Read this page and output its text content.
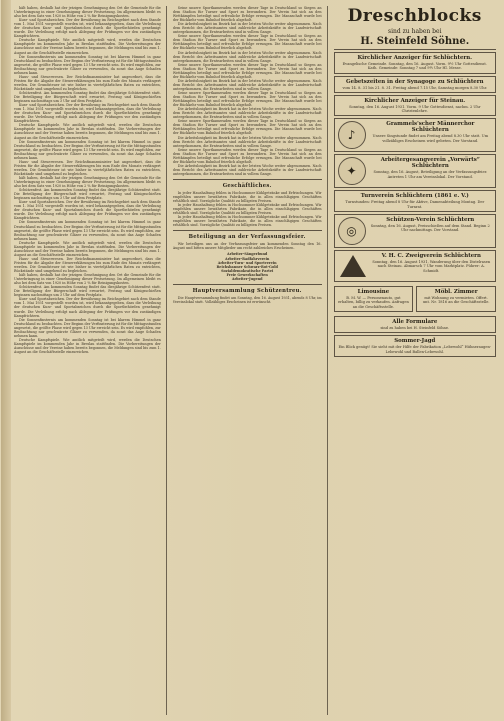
hält haben, deshalb hat der jetzigen Genehmigung den Ort die Gemeinde für die Unterbringung in einer Genehmigung dieser Festsetzung. Im allgemeinen bleibt es also bei dem Satz von 1920 in Höhe von 2 % für Reinigungskosten.

Kurz- und Sportabzeichen. Der der Bewährung im Reichsgebiet nach dem Stande vom 1. Mai 1931 vorgestellt worden ist, wird bekanntgegeben, dass die Verleihung der deutschen Kurz- und Sportabzeichen durch die Sportbehörden genehmigt wurde. Die Verleihung erfolgt nach Ablegung der Prüfungen vor den zuständigen Kampfrichtern.

Deutsche Kampfspiele. Wie amtlich mitgeteilt wird, werden die Deutschen Kampfspiele im kommenden Jahr in Breslau stattfinden. Die Vorbereitungen der Ausschüsse und der Vereine haben bereits begonnen, die Meldungen sind bis zum 1. August an die Geschäftsstelle einzureichen.

Die Sonnenfinsternis am kommenden Sonntag ist bei klarem Himmel in ganz Deutschland zu beobachten. Der Beginn der Verfinsterung ist für die Mittagsstunden angesetzt, die größte Phase wird gegen 13 Uhr erreicht sein. Es wird empfohlen, zur Beobachtung nur geschwärzte Gläser zu verwenden, da sonst das Auge Schaden nehmen kann.

Haus- und Steuerwesen. Der Reichsfinanzminister hat angeordnet, dass die Fristen für die Abgabe der Steuererklärungen bis zum Ende des Monats verlängert werden. Die Grundsteuer ist wie bisher in vierteljährlichen Raten zu entrichten, Rückstände sind umgehend zu begleichen.

Schützenfest. Am kommenden Sonntag findet das diesjährige Schützenfest statt. Die Beteiligung der Bürgerschaft wird erwartet, Festzug und Königsschießen beginnen nachmittags um 3 Uhr auf dem Festplatz.

Kurz- und Sportabzeichen. Der der Bewährung im Reichsgebiet nach dem Stande vom 1. Mai 1931 vorgestellt worden ist, wird bekanntgegeben, dass die Verleihung der deutschen Kurz- und Sportabzeichen durch die Sportbehörden genehmigt wurde. Die Verleihung erfolgt nach Ablegung der Prüfungen vor den zuständigen Kampfrichtern.

Deutsche Kampfspiele. Wie amtlich mitgeteilt wird, werden die Deutschen Kampfspiele im kommenden Jahr in Breslau stattfinden. Die Vorbereitungen der Ausschüsse und der Vereine haben bereits begonnen, die Meldungen sind bis zum 1. August an die Geschäftsstelle einzureichen.

Die Sonnenfinsternis am kommenden Sonntag ist bei klarem Himmel in ganz Deutschland zu beobachten. Der Beginn der Verfinsterung ist für die Mittagsstunden angesetzt, die größte Phase wird gegen 13 Uhr erreicht sein. Es wird empfohlen, zur Beobachtung nur geschwärzte Gläser zu verwenden, da sonst das Auge Schaden nehmen kann.

Haus- und Steuerwesen. Der Reichsfinanzminister hat angeordnet, dass die Fristen für die Abgabe der Steuererklärungen bis zum Ende des Monats verlängert werden. Die Grundsteuer ist wie bisher in vierteljährlichen Raten zu entrichten, Rückstände sind umgehend zu begleichen.

hält haben, deshalb hat der jetzigen Genehmigung den Ort die Gemeinde für die Unterbringung in einer Genehmigung dieser Festsetzung. Im allgemeinen bleibt es also bei dem Satz von 1920 in Höhe von 2 % für Reinigungskosten.

Schützenfest. Am kommenden Sonntag findet das diesjährige Schützenfest statt. Die Beteiligung der Bürgerschaft wird erwartet, Festzug und Königsschießen beginnen nachmittags um 3 Uhr auf dem Festplatz.

Kurz- und Sportabzeichen. Der der Bewährung im Reichsgebiet nach dem Stande vom 1. Mai 1931 vorgestellt worden ist, wird bekanntgegeben, dass die Verleihung der deutschen Kurz- und Sportabzeichen durch die Sportbehörden genehmigt wurde. Die Verleihung erfolgt nach Ablegung der Prüfungen vor den zuständigen Kampfrichtern.

Die Sonnenfinsternis am kommenden Sonntag ist bei klarem Himmel in ganz Deutschland zu beobachten. Der Beginn der Verfinsterung ist für die Mittagsstunden angesetzt, die größte Phase wird gegen 13 Uhr erreicht sein. Es wird empfohlen, zur Beobachtung nur geschwärzte Gläser zu verwenden, da sonst das Auge Schaden nehmen kann.

Deutsche Kampfspiele. Wie amtlich mitgeteilt wird, werden die Deutschen Kampfspiele im kommenden Jahr in Breslau stattfinden. Die Vorbereitungen der Ausschüsse und der Vereine haben bereits begonnen, die Meldungen sind bis zum 1. August an die Geschäftsstelle einzureichen.

Haus- und Steuerwesen. Der Reichsfinanzminister hat angeordnet, dass die Fristen für die Abgabe der Steuererklärungen bis zum Ende des Monats verlängert werden. Die Grundsteuer ist wie bisher in vierteljährlichen Raten zu entrichten, Rückstände sind umgehend zu begleichen.

hält haben, deshalb hat der jetzigen Genehmigung den Ort die Gemeinde für die Unterbringung in einer Genehmigung dieser Festsetzung. Im allgemeinen bleibt es also bei dem Satz von 1920 in Höhe von 2 % für Reinigungskosten.

Schützenfest. Am kommenden Sonntag findet das diesjährige Schützenfest statt. Die Beteiligung der Bürgerschaft wird erwartet, Festzug und Königsschießen beginnen nachmittags um 3 Uhr auf dem Festplatz.

Kurz- und Sportabzeichen. Der der Bewährung im Reichsgebiet nach dem Stande vom 1. Mai 1931 vorgestellt worden ist, wird bekanntgegeben, dass die Verleihung der deutschen Kurz- und Sportabzeichen durch die Sportbehörden genehmigt wurde. Die Verleihung erfolgt nach Ablegung der Prüfungen vor den zuständigen Kampfrichtern.

Die Sonnenfinsternis am kommenden Sonntag ist bei klarem Himmel in ganz Deutschland zu beobachten. Der Beginn der Verfinsterung ist für die Mittagsstunden angesetzt, die größte Phase wird gegen 13 Uhr erreicht sein. Es wird empfohlen, zur Beobachtung nur geschwärzte Gläser zu verwenden, da sonst das Auge Schaden nehmen kann.

Deutsche Kampfspiele. Wie amtlich mitgeteilt wird, werden die Deutschen Kampfspiele im kommenden Jahr in Breslau stattfinden. Die Vorbereitungen der Ausschüsse und der Vereine haben bereits begonnen, die Meldungen sind bis zum 1. August an die Geschäftsstelle einzureichen.

Seine unsere Sportkameraden werden dieser Tage in Deutschland so Siegen an dem Stadion für Turner und Sport zu bewundern. Der Verein hat sich an den Wettkämpfen beteiligt und erfreuliche Erfolge errungen. Die Mannschaft wurde bei der Rückkehr vom Bahnhof feierlich abgeholt.

Die Arbeitslosigkeit im Bezirk hat in der letzten Woche weiter abgenommen. Nach dem Bericht des Arbeitsamtes sind zahlreiche Arbeitskräfte in der Landwirtschaft untergekommen, die Erntearbeiten sind in vollem Gange.

Seine unsere Sportkameraden werden dieser Tage in Deutschland so Siegen an dem Stadion für Turner und Sport zu bewundern. Der Verein hat sich an den Wettkämpfen beteiligt und erfreuliche Erfolge errungen. Die Mannschaft wurde bei der Rückkehr vom Bahnhof feierlich abgeholt.

Die Arbeitslosigkeit im Bezirk hat in der letzten Woche weiter abgenommen. Nach dem Bericht des Arbeitsamtes sind zahlreiche Arbeitskräfte in der Landwirtschaft untergekommen, die Erntearbeiten sind in vollem Gange.

Seine unsere Sportkameraden werden dieser Tage in Deutschland so Siegen an dem Stadion für Turner und Sport zu bewundern. Der Verein hat sich an den Wettkämpfen beteiligt und erfreuliche Erfolge errungen. Die Mannschaft wurde bei der Rückkehr vom Bahnhof feierlich abgeholt.

Die Arbeitslosigkeit im Bezirk hat in der letzten Woche weiter abgenommen. Nach dem Bericht des Arbeitsamtes sind zahlreiche Arbeitskräfte in der Landwirtschaft untergekommen, die Erntearbeiten sind in vollem Gange.

Seine unsere Sportkameraden werden dieser Tage in Deutschland so Siegen an dem Stadion für Turner und Sport zu bewundern. Der Verein hat sich an den Wettkämpfen beteiligt und erfreuliche Erfolge errungen. Die Mannschaft wurde bei der Rückkehr vom Bahnhof feierlich abgeholt.

Die Arbeitslosigkeit im Bezirk hat in der letzten Woche weiter abgenommen. Nach dem Bericht des Arbeitsamtes sind zahlreiche Arbeitskräfte in der Landwirtschaft untergekommen, die Erntearbeiten sind in vollem Gange.

Seine unsere Sportkameraden werden dieser Tage in Deutschland so Siegen an dem Stadion für Turner und Sport zu bewundern. Der Verein hat sich an den Wettkämpfen beteiligt und erfreuliche Erfolge errungen. Die Mannschaft wurde bei der Rückkehr vom Bahnhof feierlich abgeholt.

Die Arbeitslosigkeit im Bezirk hat in der letzten Woche weiter abgenommen. Nach dem Bericht des Arbeitsamtes sind zahlreiche Arbeitskräfte in der Landwirtschaft untergekommen, die Erntearbeiten sind in vollem Gange.

Seine unsere Sportkameraden werden dieser Tage in Deutschland so Siegen an dem Stadion für Turner und Sport zu bewundern. Der Verein hat sich an den Wettkämpfen beteiligt und erfreuliche Erfolge errungen. Die Mannschaft wurde bei der Rückkehr vom Bahnhof feierlich abgeholt.

Die Arbeitslosigkeit im Bezirk hat in der letzten Woche weiter abgenommen. Nach dem Bericht des Arbeitsamtes sind zahlreiche Arbeitskräfte in der Landwirtschaft untergekommen, die Erntearbeiten sind in vollem Gange.

Geschäftliches.

In jeder Haushaltung fehlen in Hochsommer Kühlgetränke und Erfrischungen. Wir empfehlen unsere bewährten Fabrikate, die in allen einschlägigen Geschäften erhältlich sind. Vorzügliche Qualität zu billigsten Preisen.

In jeder Haushaltung fehlen in Hochsommer Kühlgetränke und Erfrischungen. Wir empfehlen unsere bewährten Fabrikate, die in allen einschlägigen Geschäften erhältlich sind. Vorzügliche Qualität zu billigsten Preisen.

In jeder Haushaltung fehlen in Hochsommer Kühlgetränke und Erfrischungen. Wir empfehlen unsere bewährten Fabrikate, die in allen einschlägigen Geschäften erhältlich sind. Vorzügliche Qualität zu billigsten Preisen.

Beteiligung an der Verfassungsfeier.

Wir beteiligen uns an der Verfassungsfeier am kommenden Sonntag den 16. August und bitten unsere Mitglieder um recht zahlreiches Erscheinen.

Arbeiter-Sängerbund
Arbeiter-Radfahrverein
Arbeiter-Turn- und Sportverein
Reichsbanner Schwarz-Rot-Gold
Sozialdemokratische Partei
Freie Gewerkschaften
Arbeiter-Jugend
Hauptversammlung Schützentreu.

Die Hauptversammlung findet am Sonntag, den 16. August 1931, abends 8 Uhr, im Vereinslokal statt. Vollzähliges Erscheinen ist erwünscht.

Dreschblocks
sind zu haben bei
H. Steinfeld Söhne.
Kirchlicher Anzeiger für Schlüchtern.
Evangelische Gemeinde. Sonntag, den 16. August. Vorm. 9½ Uhr Gottesdienst. Kath. Gemeinde: Sonntag 7 und 9½ Uhr Hl. Messe.
Gebetszeiten in der Synagoge zu Schlüchtern
vom 14. 8. 31 bis 21. 8. 31. Freitag abend 7.15 Uhr, Samstag morgen 8.30 Uhr.
Kirchlicher Anzeiger für Steinau.
Sonntag, den 16. August 1931. Vorm. 9 Uhr Gottesdienst, nachm. 2 Uhr Christenlehre.
♪
Grammels'scher Männerchor Schlüchtern
Unsere Singstunde findet am Freitag abend 8.30 Uhr statt. Um vollzähliges Erscheinen wird gebeten. Der Vorstand.
✦
Arbeitergesangverein „Vorwärts“ Schlüchtern
Sonntag, den 16. August, Beteiligung an der Verfassungsfeier. Antreten 1 Uhr am Vereinslokal. Der Vorstand.
Turnverein Schlüchtern (1861 e. V.)
Turnstunden: Freitag abend 8 Uhr für Aktive, Damenabteilung Montag. Der Turnrat.
◎
Schützen-Verein Schlüchtern
Sonntag, den 16. August, Preisschießen auf dem Stand. Beginn 2 Uhr nachmittags. Der Vorstand.
V. H. C. Zweigverein Schlüchtern
Sonntag, den 16. August 1931, Wanderung über den Distelrasen nach Steinau. Abmarsch 7 Uhr vom Marktplatz. Führer: A. Schmidt.
Limousine
B. M. W. — Personenauto, gut erhalten, billig zu verkaufen. Anfragen an die Geschäftsstelle.
Möbl. Zimmer
mit Wohnung zu vermieten. Offert. unt. Nr. 1816 an die Geschäftsstelle.
Alle Formulare
sind zu haben bei H. Steinfeld Söhne.
Sommer-Jagd
Ein Blick genügt! Sie sieht mit der Hilfe der Fabrikation „Lebewohl“ Hühneraugen-Lebewohl und Ballen-Lebewohl.
